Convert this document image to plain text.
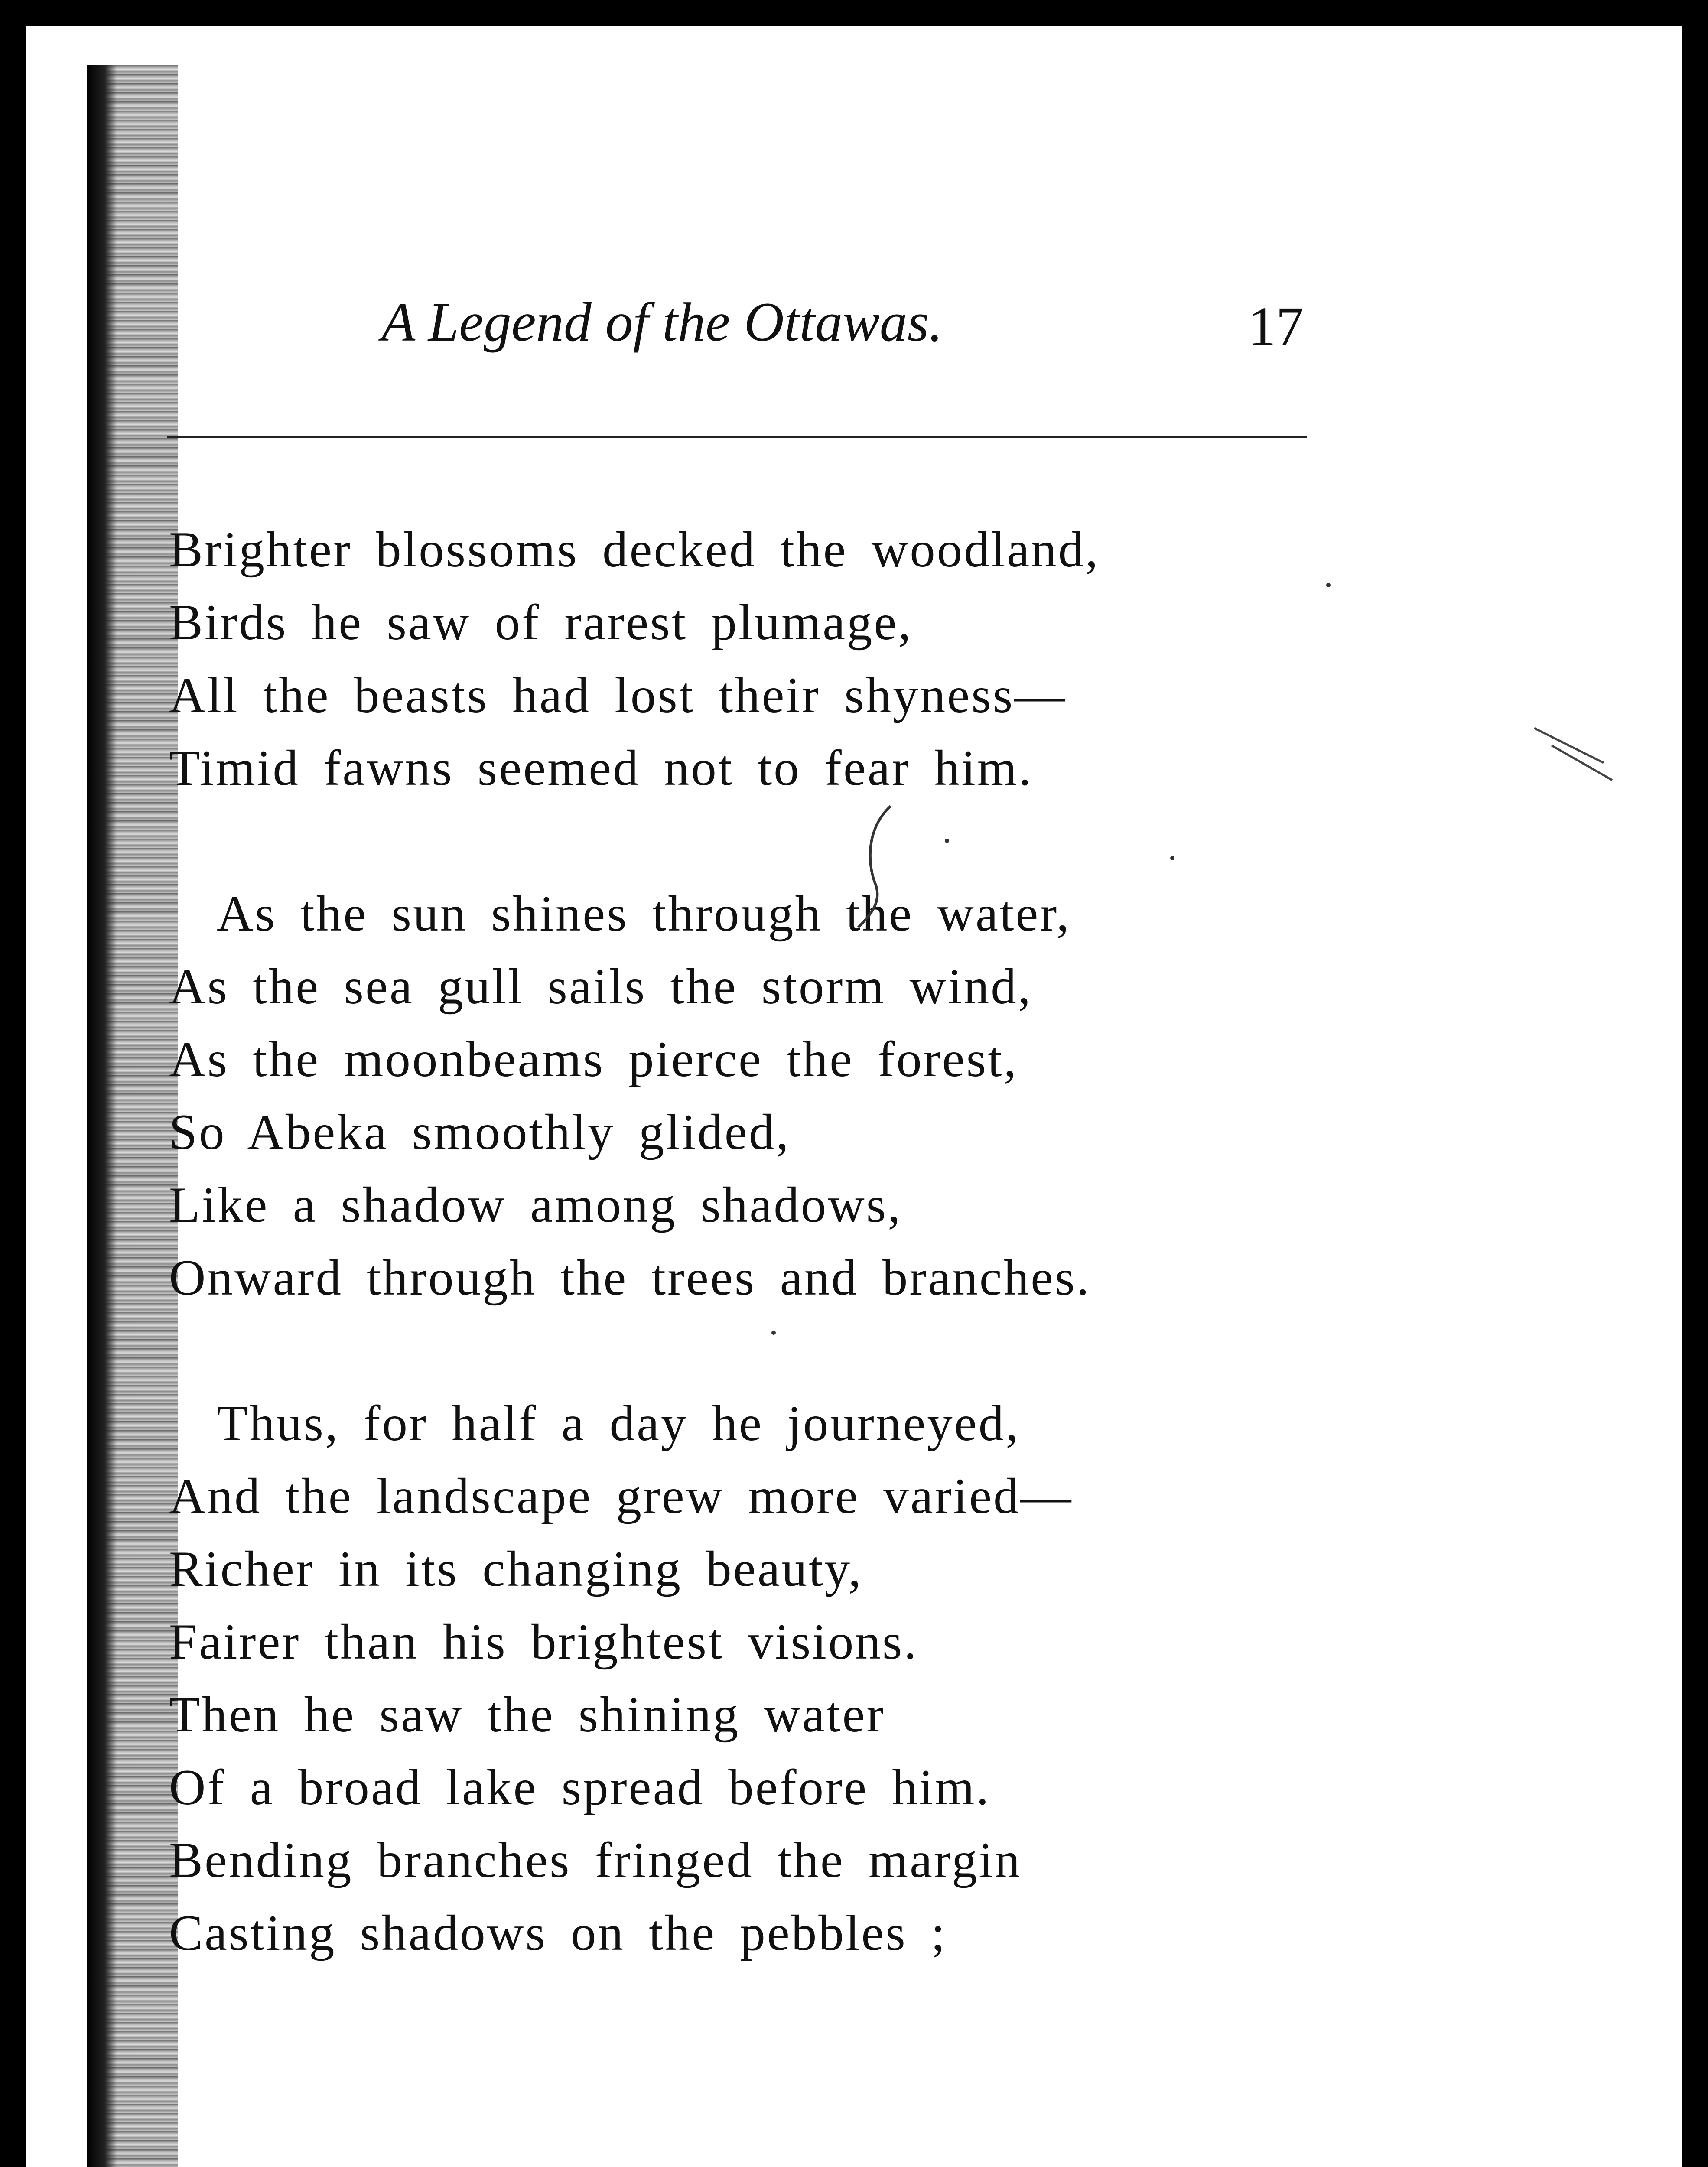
A Legend of the Ottawas.	17
Brighter blossoms decked the woodland,
Birds he saw of rarest plumage,
All the beasts had lost their shyness—
Timid fawns seemed not to fear him.
As the sun shines through the water,
As the sea gull sails the storm wind,
As the moonbeams pierce the forest,
So Abeka smoothly glided,
Like a shadow among shadows,
Onward through the trees and branches.
Thus, for half a day he journeyed,
And the landscape grew more varied—
Richer in its changing beauty,
Fairer than his brightest visions.
Then he saw the shining water
Of a broad lake spread before him.
Bending branches fringed the margin
Casting shadows on the pebbles ;
